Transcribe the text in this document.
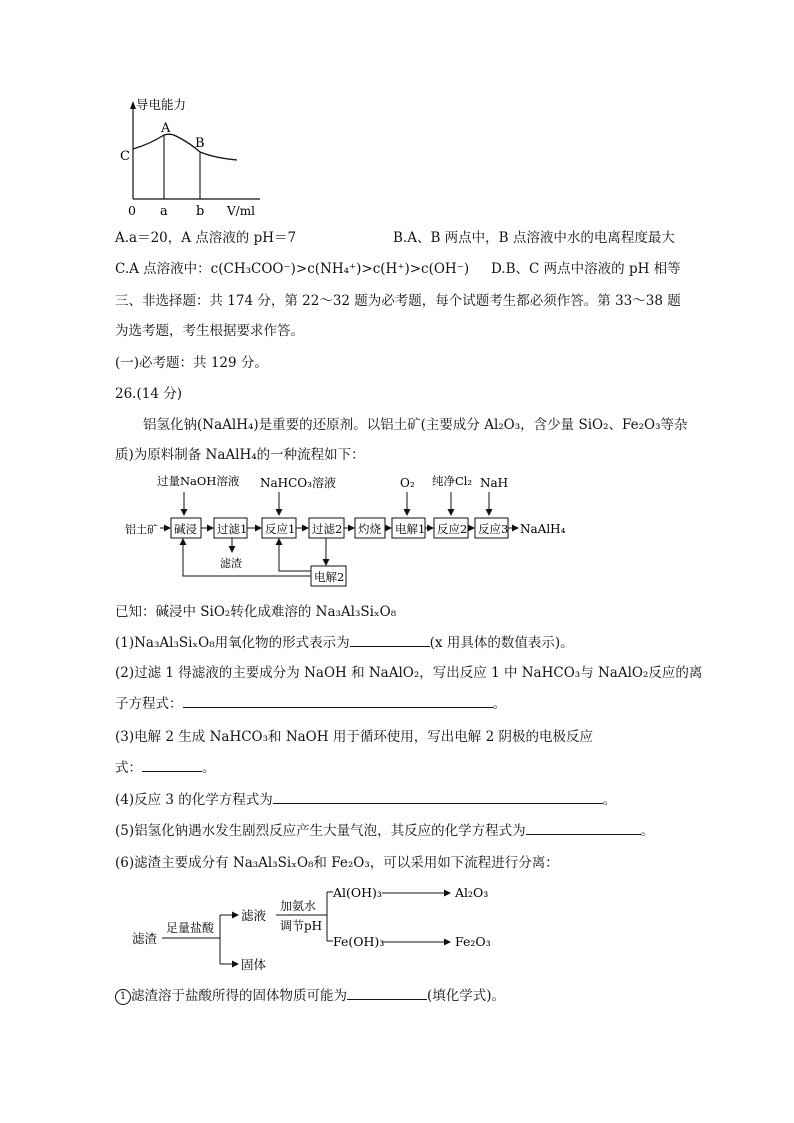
导电能力
A
B
C
0 a b V/ml
A.a＝20，A 点溶液的 pH＝7	B.A、B 两点中，B 点溶液中水的电离程度最大
C.A 点溶液中：c(CH₃COO⁻)>c(NH₄⁺)>c(H⁺)>c(OH⁻) D.B、C 两点中溶液的 pH 相等
三、非选择题：共 174 分，第 22～32 题为必考题，每个试题考生都必须作答。第 33～38 题
为选考题，考生根据要求作答。
(一)必考题：共 129 分。
26.(14 分)
铝氢化钠(NaAlH₄)是重要的还原剂。以铝土矿(主要成分 Al₂O₃，含少量 SiO₂、Fe₂O₃等杂
质)为原料制备 NaAlH₄的一种流程如下：
过量NaOH溶液 NaHCO₃溶液	O₂ 纯净Cl₂ NaH
铝土矿 碱浸 过滤1 反应1 过滤2 灼烧 电解1 反应2 反应3 NaAlH₄
滤渣
电解2
已知：碱浸中 SiO₂转化成难溶的 Na₃Al₃SiₓO₈
(1)Na₃Al₃SiₓO₈用氧化物的形式表示为	(x 用具体的数值表示)。
(2)过滤 1 得滤液的主要成分为 NaOH 和 NaAlO₂，写出反应 1 中 NaHCO₃与 NaAlO₂反应的离
子方程式：	。
(3)电解 2 生成 NaHCO₃和 NaOH 用于循环使用，写出电解 2 阴极的电极反应
式：	。
(4)反应 3 的化学方程式为	。
(5)铝氢化钠遇水发生剧烈反应产生大量气泡，其反应的化学方程式为	。
(6)滤渣主要成分有 Na₃Al₃SiₓO₈和 Fe₂O₃，可以采用如下流程进行分离：
滤渣
足量盐酸
滤液
固体
加氨水
调节pH
Al(OH)₃	Al₂O₃
Fe(OH)₃	Fe₂O₃
1 滤渣溶于盐酸所得的固体物质可能为	(填化学式)。
